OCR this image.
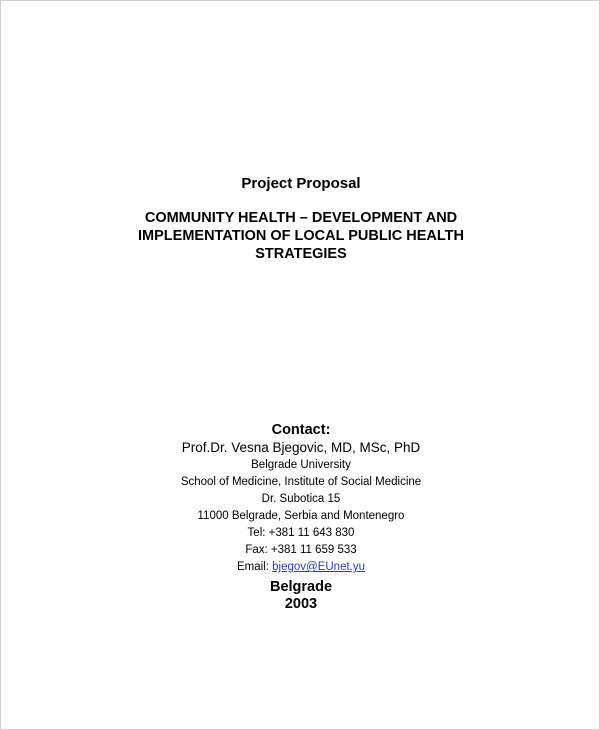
Project Proposal
COMMUNITY HEALTH – DEVELOPMENT AND
IMPLEMENTATION OF LOCAL PUBLIC HEALTH
STRATEGIES
Contact:
Prof.Dr. Vesna Bjegovic, MD, MSc, PhD
Belgrade University
School of Medicine, Institute of Social Medicine
Dr. Subotica 15
11000 Belgrade, Serbia and Montenegro
Tel: +381 11 643 830
Fax: +381 11 659 533
Email: bjegov@EUnet.yu
Belgrade
2003
